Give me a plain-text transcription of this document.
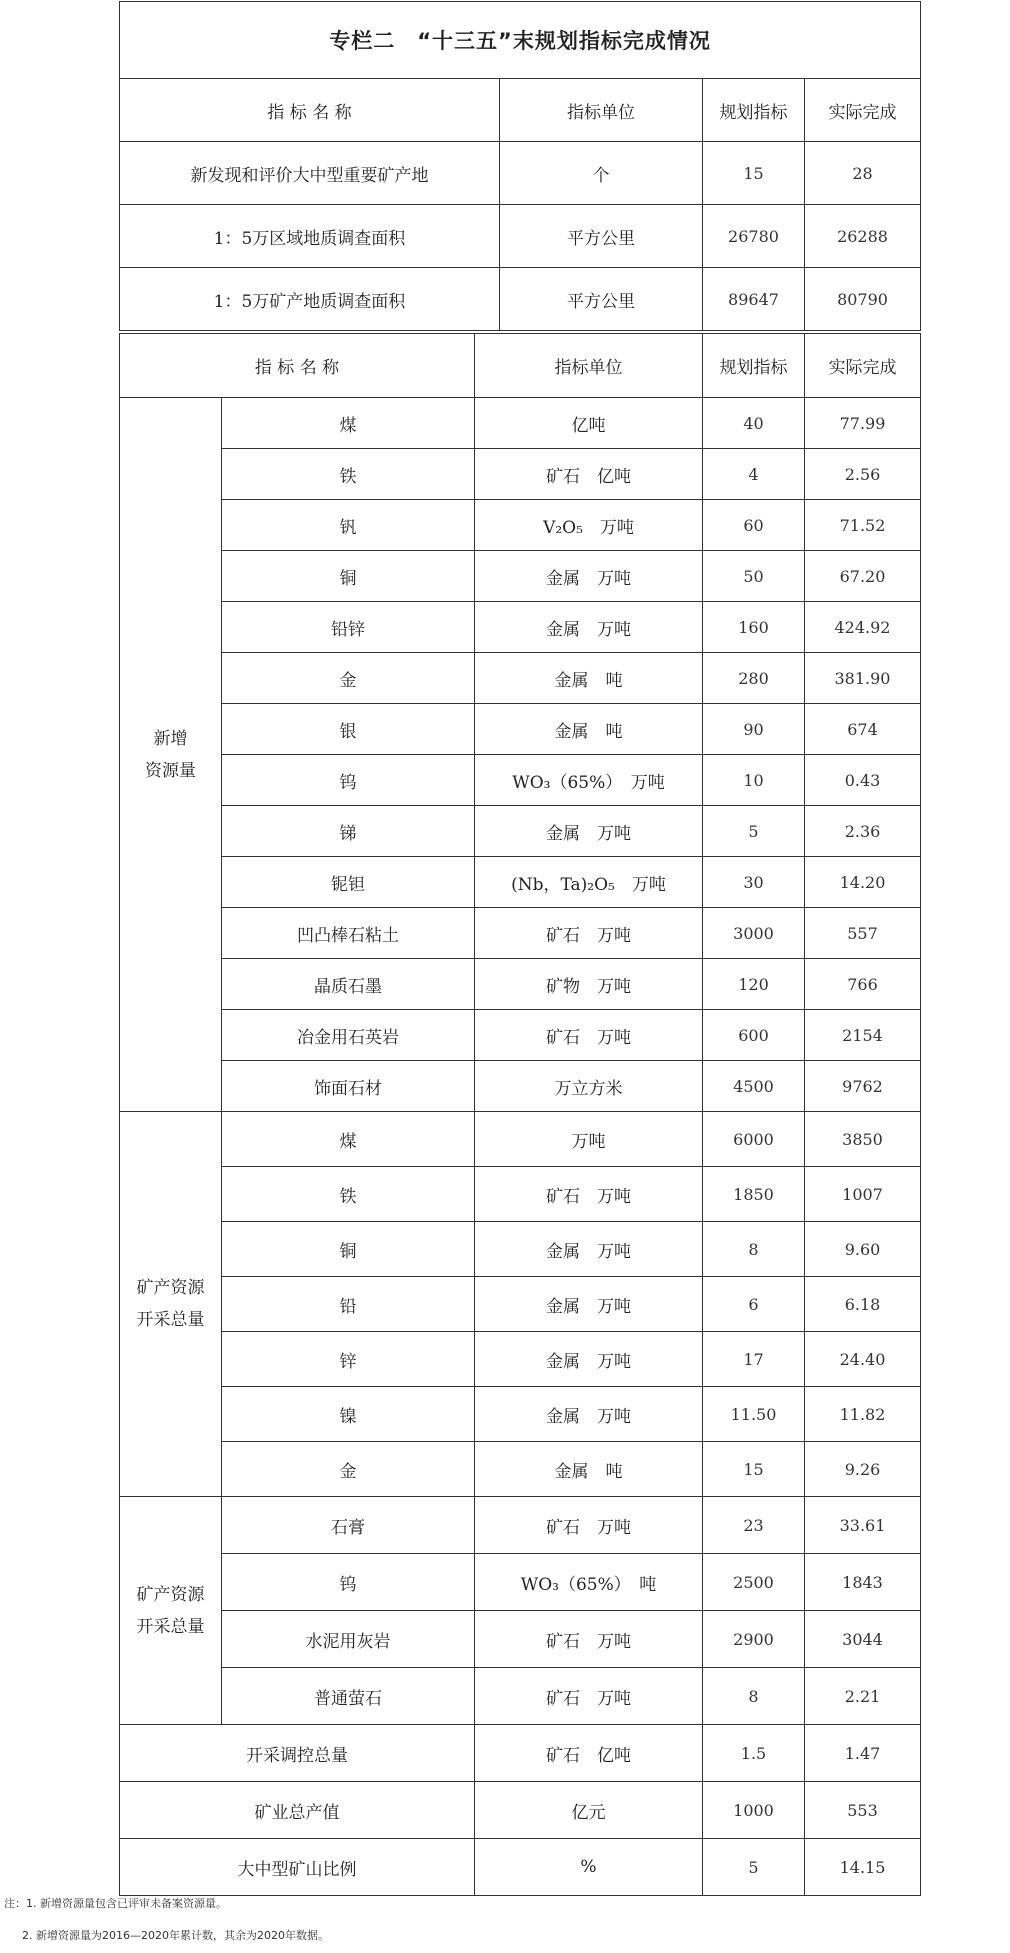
专栏二　“十三五”末规划指标完成情况			
指 标 名 称	指标单位	规划指标	实际完成
新发现和评价大中型重要矿产地	个	15	28
1：5万区域地质调查面积	平方公里	26780	26288
1：5万矿产地质调查面积	平方公里	89647	80790
指 标 名 称		指标单位	规划指标	实际完成

新增
资源量	煤	亿吨	40	77.99
	铁	矿石　亿吨	4	2.56
	钒	V₂O₅　万吨	60	71.52
	铜	金属　万吨	50	67.20
	铅锌	金属　万吨	160	424.92
	金	金属　吨	280	381.90
	银	金属　吨	90	674
	钨	WO₃（65%）　万吨	10	0.43
	锑	金属　万吨	5	2.36
	铌钽	(Nb，Ta)₂O₅　万吨	30	14.20
	凹凸棒石粘土	矿石　万吨	3000	557
	晶质石墨	矿物　万吨	120	766
	冶金用石英岩	矿石　万吨	600	2154
	饰面石材	万立方米	4500	9762

矿产资源
开采总量	煤	万吨	6000	3850
	铁	矿石　万吨	1850	1007
	铜	金属　万吨	8	9.60
	铅	金属　万吨	6	6.18
	锌	金属　万吨	17	24.40
	镍	金属　万吨	11.50	11.82
	金	金属　吨	15	9.26

矿产资源
开采总量	石膏	矿石　万吨	23	33.61
	钨	WO₃（65%）　吨	2500	1843
	水泥用灰岩	矿石　万吨	2900	3044
	普通萤石	矿石　万吨	8	2.21
开采调控总量		矿石　亿吨	1.5	1.47
矿业总产值		亿元	1000	553
大中型矿山比例		%	5	14.15
注：1. 新增资源量包含已评审未备案资源量。
2. 新增资源量为2016—2020年累计数，其余为2020年数据。
